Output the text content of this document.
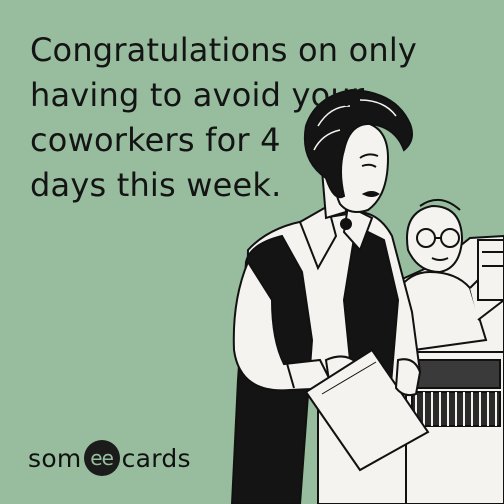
Congratulations on only
having to avoid your
coworkers for 4
days this week.
som ee cards
